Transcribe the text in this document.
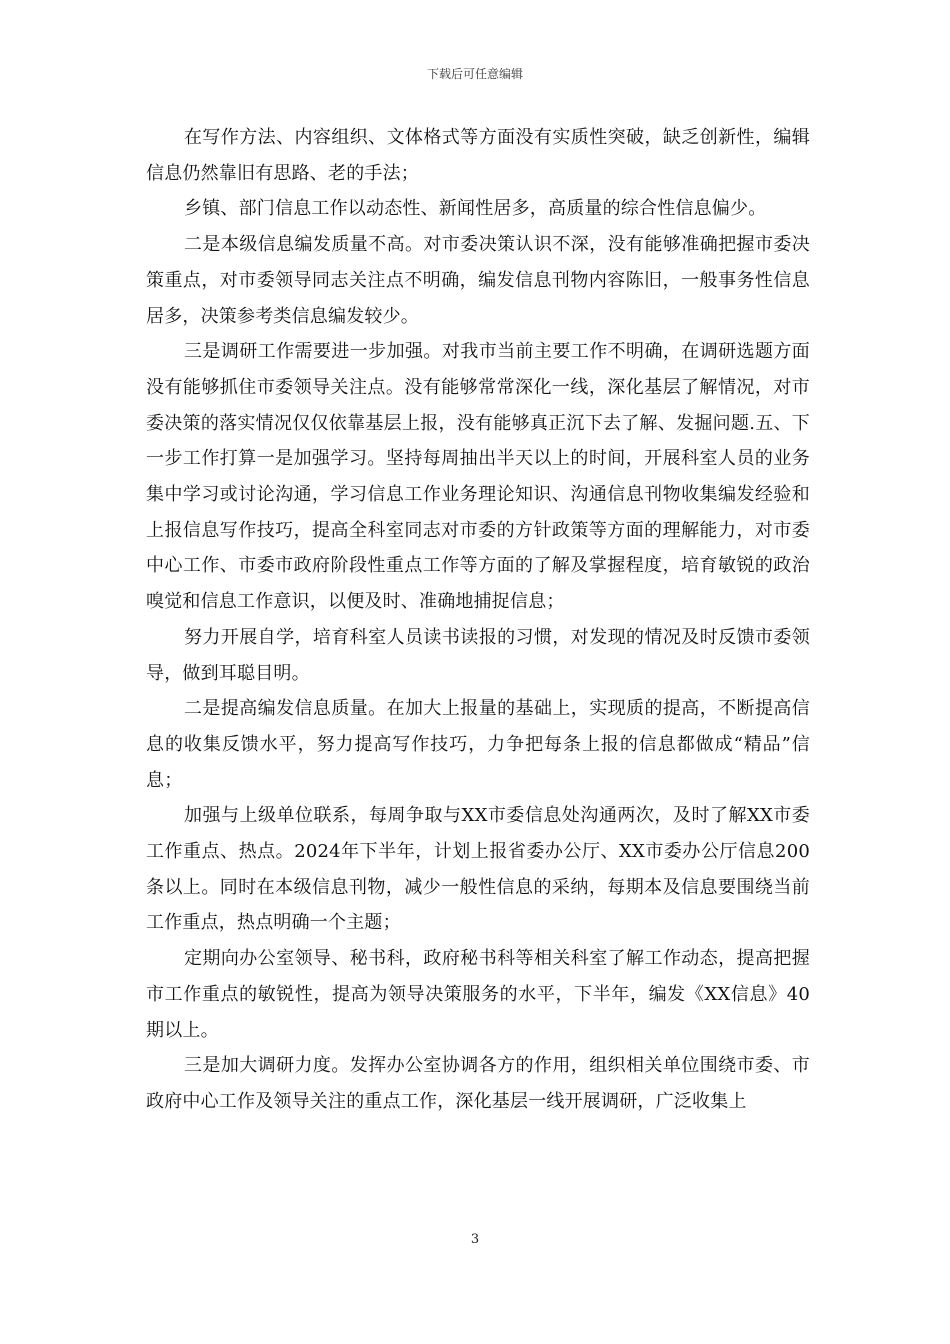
下载后可任意编辑

在写作方法、内容组织、文体格式等方面没有实质性突破，缺乏创新性，编辑信息仍然靠旧有思路、老的手法；

乡镇、部门信息工作以动态性、新闻性居多，高质量的综合性信息偏少。

二是本级信息编发质量不高。对市委决策认识不深，没有能够准确把握市委决策重点，对市委领导同志关注点不明确，编发信息刊物内容陈旧，一般事务性信息居多，决策参考类信息编发较少。

三是调研工作需要进一步加强。对我市当前主要工作不明确，在调研选题方面没有能够抓住市委领导关注点。没有能够常常深化一线，深化基层了解情况，对市委决策的落实情况仅仅依靠基层上报，没有能够真正沉下去了解、发掘问题.五、下一步工作打算一是加强学习。坚持每周抽出半天以上的时间，开展科室人员的业务集中学习或讨论沟通，学习信息工作业务理论知识、沟通信息刊物收集编发经验和上报信息写作技巧，提高全科室同志对市委的方针政策等方面的理解能力，对市委中心工作、市委市政府阶段性重点工作等方面的了解及掌握程度，培育敏锐的政治嗅觉和信息工作意识，以便及时、准确地捕捉信息；

努力开展自学，培育科室人员读书读报的习惯，对发现的情况及时反馈市委领导，做到耳聪目明。

二是提高编发信息质量。在加大上报量的基础上，实现质的提高，不断提高信息的收集反馈水平，努力提高写作技巧，力争把每条上报的信息都做成“精品”信息；

加强与上级单位联系，每周争取与XX市委信息处沟通两次，及时了解XX市委工作重点、热点。2024年下半年，计划上报省委办公厅、XX市委办公厅信息200条以上。同时在本级信息刊物，减少一般性信息的采纳，每期本及信息要围绕当前工作重点，热点明确一个主题；

定期向办公室领导、秘书科，政府秘书科等相关科室了解工作动态，提高把握市工作重点的敏锐性，提高为领导决策服务的水平，下半年，编发《XX信息》40期以上。

三是加大调研力度。发挥办公室协调各方的作用，组织相关单位围绕市委、市政府中心工作及领导关注的重点工作，深化基层一线开展调研，广泛收集上

3
